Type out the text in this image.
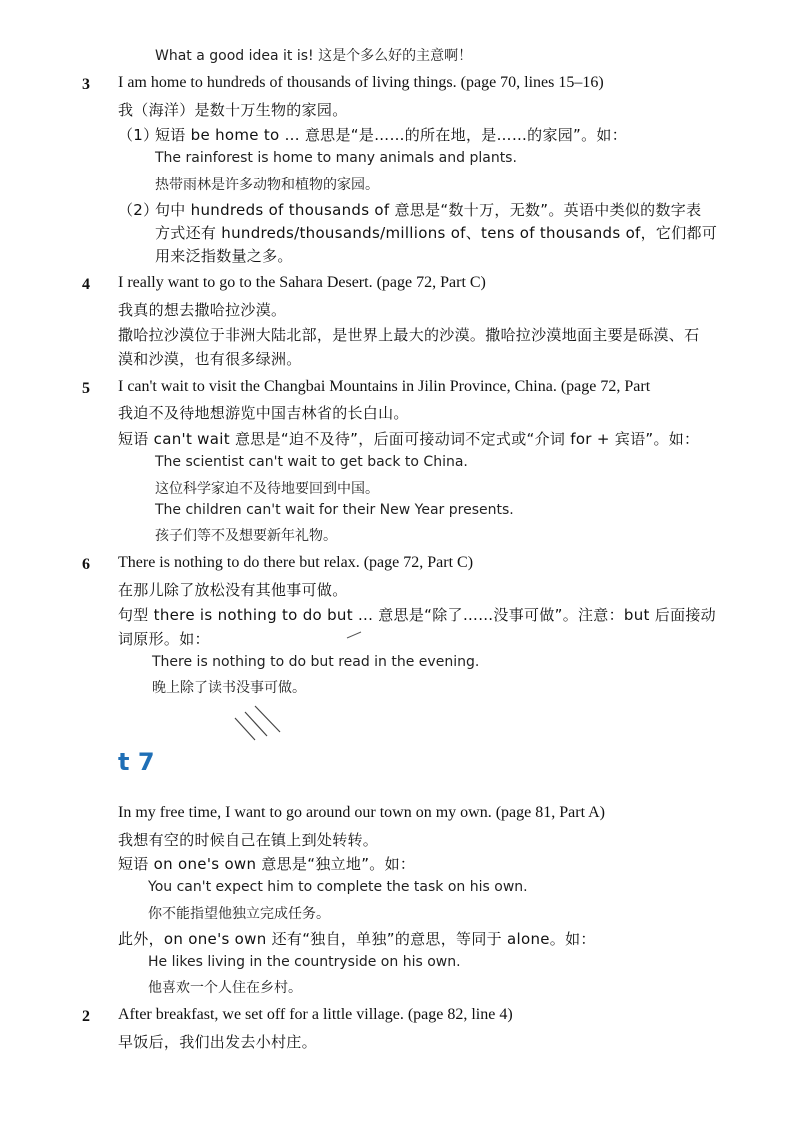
What a good idea it is! 这是个多么好的主意啊！
3 I am home to hundreds of thousands of living things. (page 70, lines 15–16)
我（海洋）是数十万生物的家园。
（1）
短语 be home to ... 意思是“是……的所在地，是……的家园”。如：
The rainforest is home to many animals and plants.
热带雨林是许多动物和植物的家园。
（2）
句中 hundreds of thousands of 意思是“数十万，无数”。英语中类似的数字表
方式还有 hundreds/thousands/millions of、tens of thousands of，它们都可
用来泛指数量之多。
4 I really want to go to the Sahara Desert. (page 72, Part C)
我真的想去撒哈拉沙漠。
撒哈拉沙漠位于非洲大陆北部，是世界上最大的沙漠。撒哈拉沙漠地面主要是砾漠、石
漠和沙漠，也有很多绿洲。
5 I can't wait to visit the Changbai Mountains in Jilin Province, China. (page 72, Part
我迫不及待地想游览中国吉林省的长白山。
短语 can't wait 意思是“迫不及待”，后面可接动词不定式或“介词 for + 宾语”。如：
The scientist can't wait to get back to China.
这位科学家迫不及待地要回到中国。
The children can't wait for their New Year presents.
孩子们等不及想要新年礼物。
6 There is nothing to do there but relax. (page 72, Part C)
在那儿除了放松没有其他事可做。
句型 there is nothing to do but ... 意思是“除了……没事可做”。注意：but 后面接动
词原形。如：
There is nothing to do but read in the evening.
晚上除了读书没事可做。
t 7
In my free time, I want to go around our town on my own. (page 81, Part A)
我想有空的时候自己在镇上到处转转。
短语 on one's own 意思是“独立地”。如：
You can't expect him to complete the task on his own.
你不能指望他独立完成任务。
此外，on one's own 还有“独自，单独”的意思，等同于 alone。如：
He likes living in the countryside on his own.
他喜欢一个人住在乡村。
2 After breakfast, we set off for a little village. (page 82, line 4)
早饭后，我们出发去小村庄。
